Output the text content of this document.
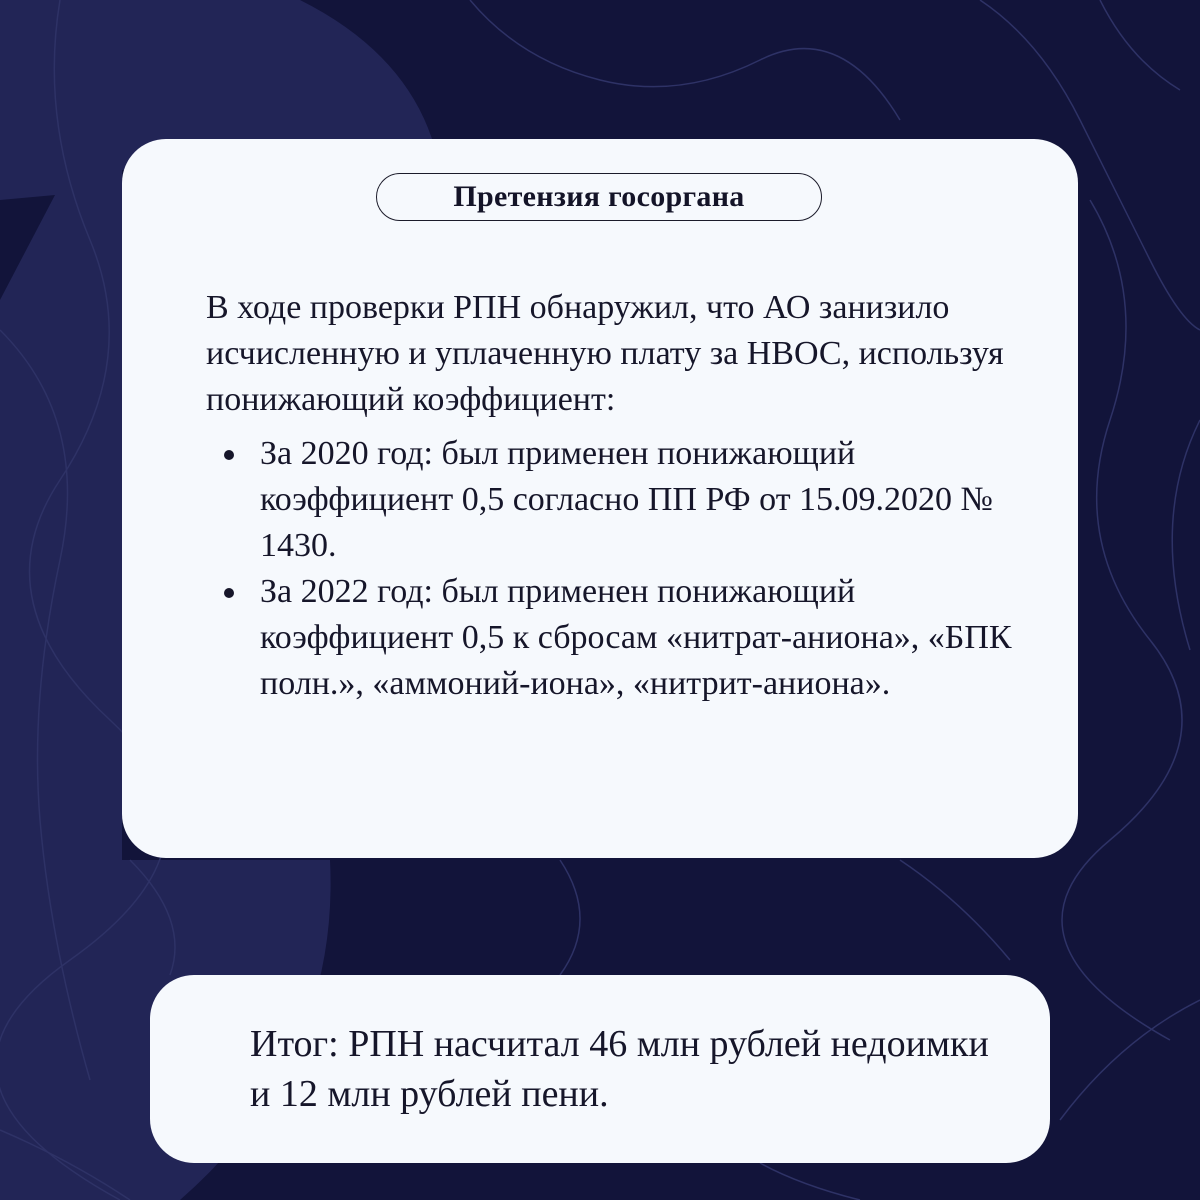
Претензия госоргана

В ходе проверки РПН обнаружил, что АО занизило исчисленную и уплаченную плату за НВОС, используя понижающий коэффициент:

За 2020 год: был применен понижающий коэффициент 0,5 согласно ПП РФ от 15.09.2020 № 1430.
За 2022 год: был применен понижающий коэффициент 0,5 к сбросам «нитрат-аниона», «БПК полн.», «аммоний-иона», «нитрит-аниона».

Итог: РПН насчитал 46 млн рублей недоимки и 12 млн рублей пени.
